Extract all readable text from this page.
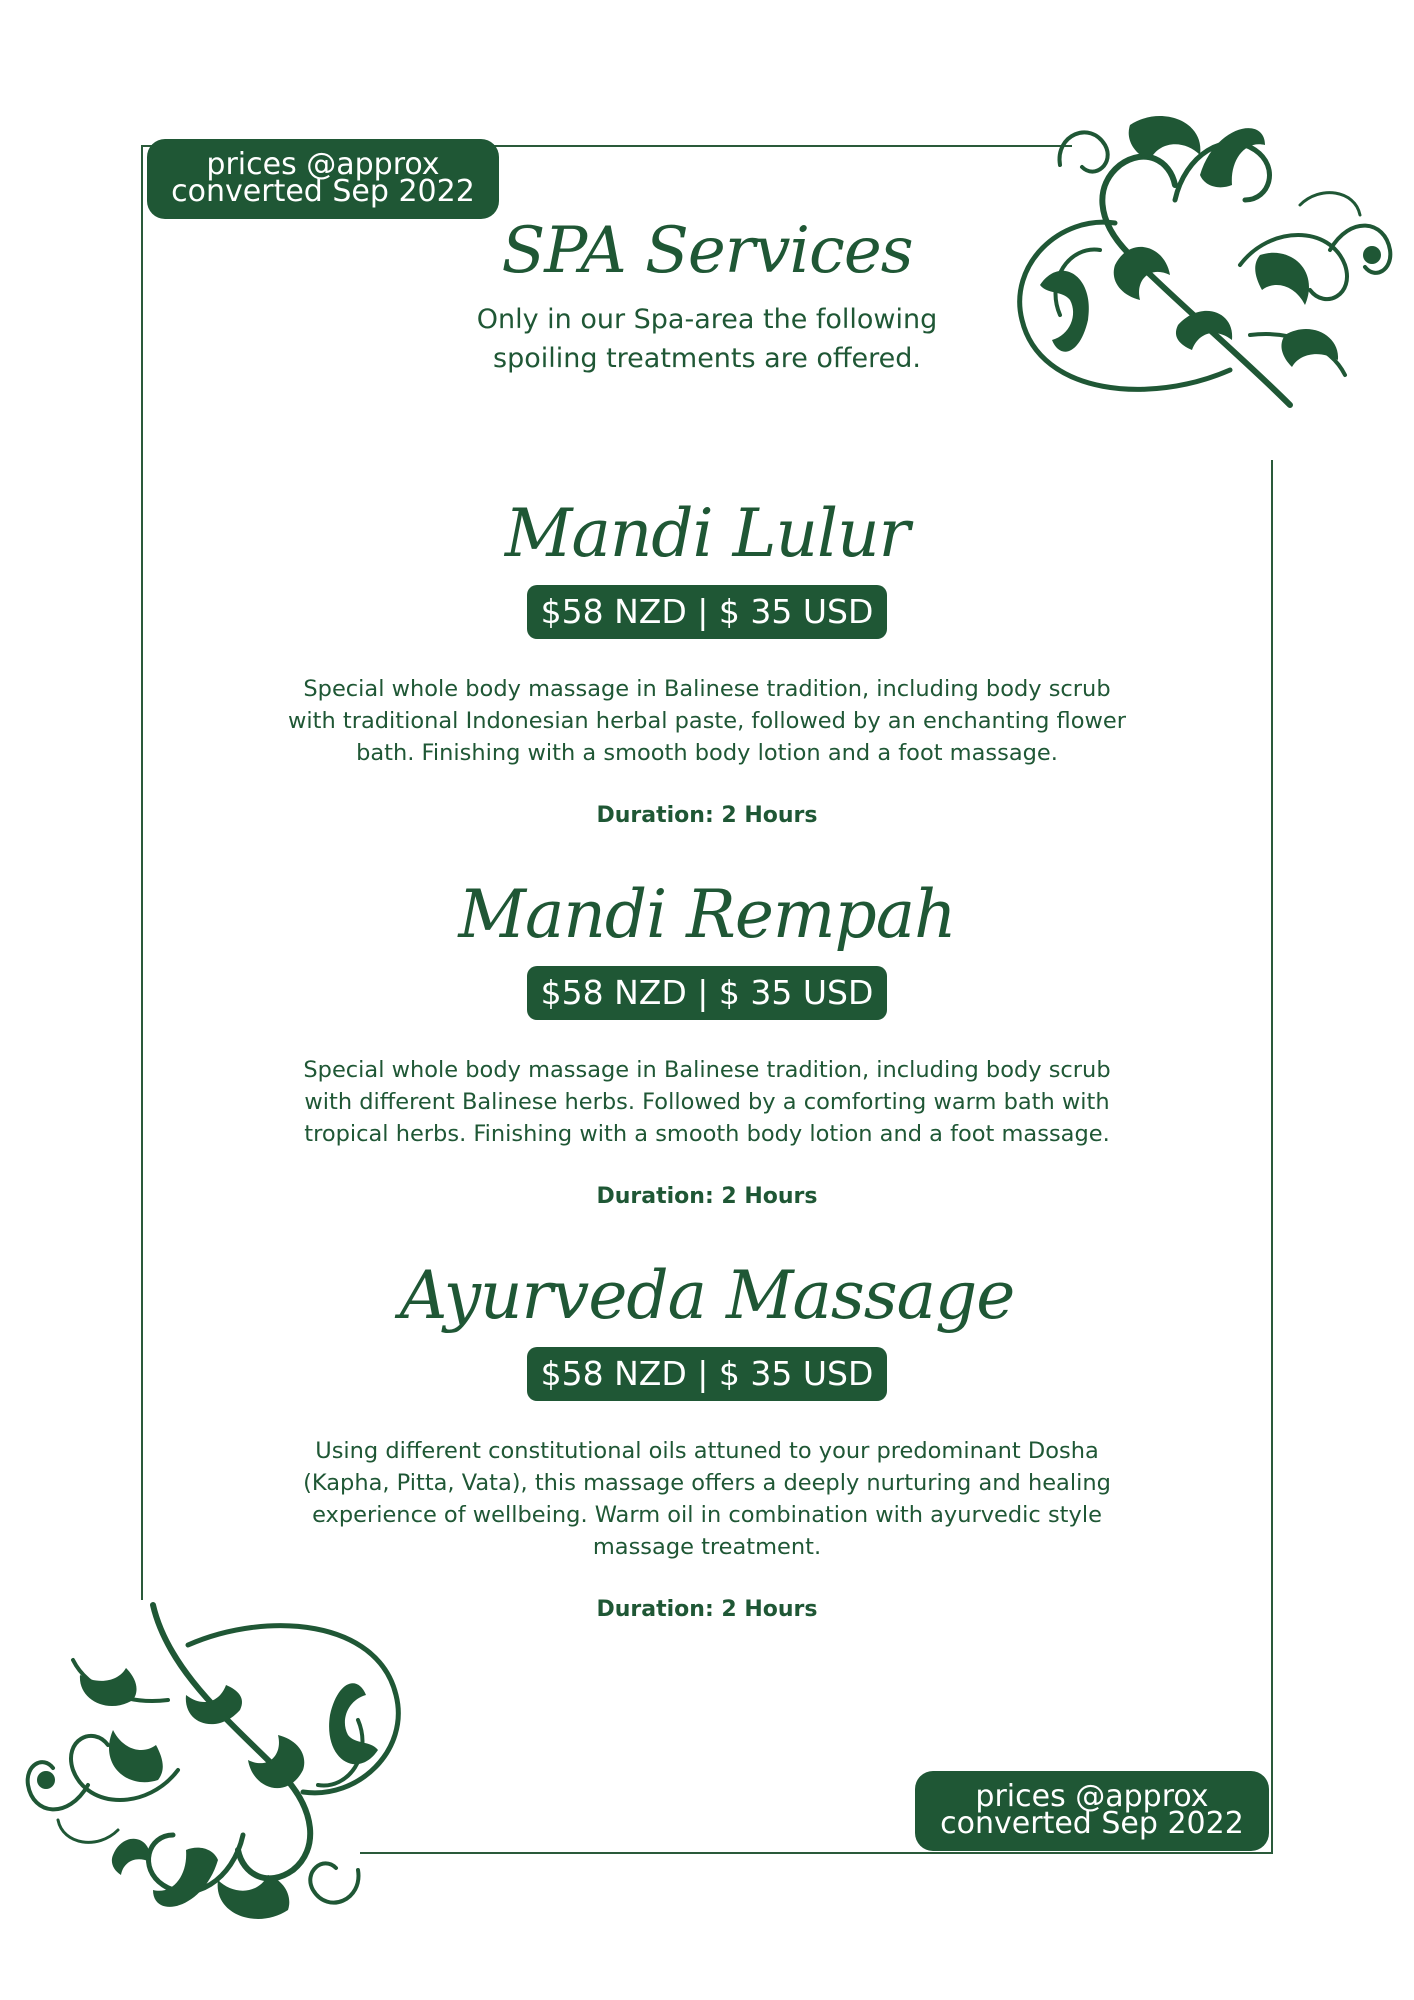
prices @approx
converted Sep 2022
prices @approx
converted Sep 2022
SPA Services
Only in our Spa-area the following
spoiling treatments are offered.
Mandi Lulur
$58 NZD | $ 35 USD
Special whole body massage in Balinese tradition, including body scrub
with traditional Indonesian herbal paste, followed by an enchanting flower
bath. Finishing with a smooth body lotion and a foot massage.
Duration: 2 Hours
Mandi Rempah
$58 NZD | $ 35 USD
Special whole body massage in Balinese tradition, including body scrub
with different Balinese herbs. Followed by a comforting warm bath with
tropical herbs. Finishing with a smooth body lotion and a foot massage.
Duration: 2 Hours
Ayurveda Massage
$58 NZD | $ 35 USD
Using different constitutional oils attuned to your predominant Dosha
(Kapha, Pitta, Vata), this massage offers a deeply nurturing and healing
experience of wellbeing. Warm oil in combination with ayurvedic style
massage treatment.
Duration: 2 Hours
